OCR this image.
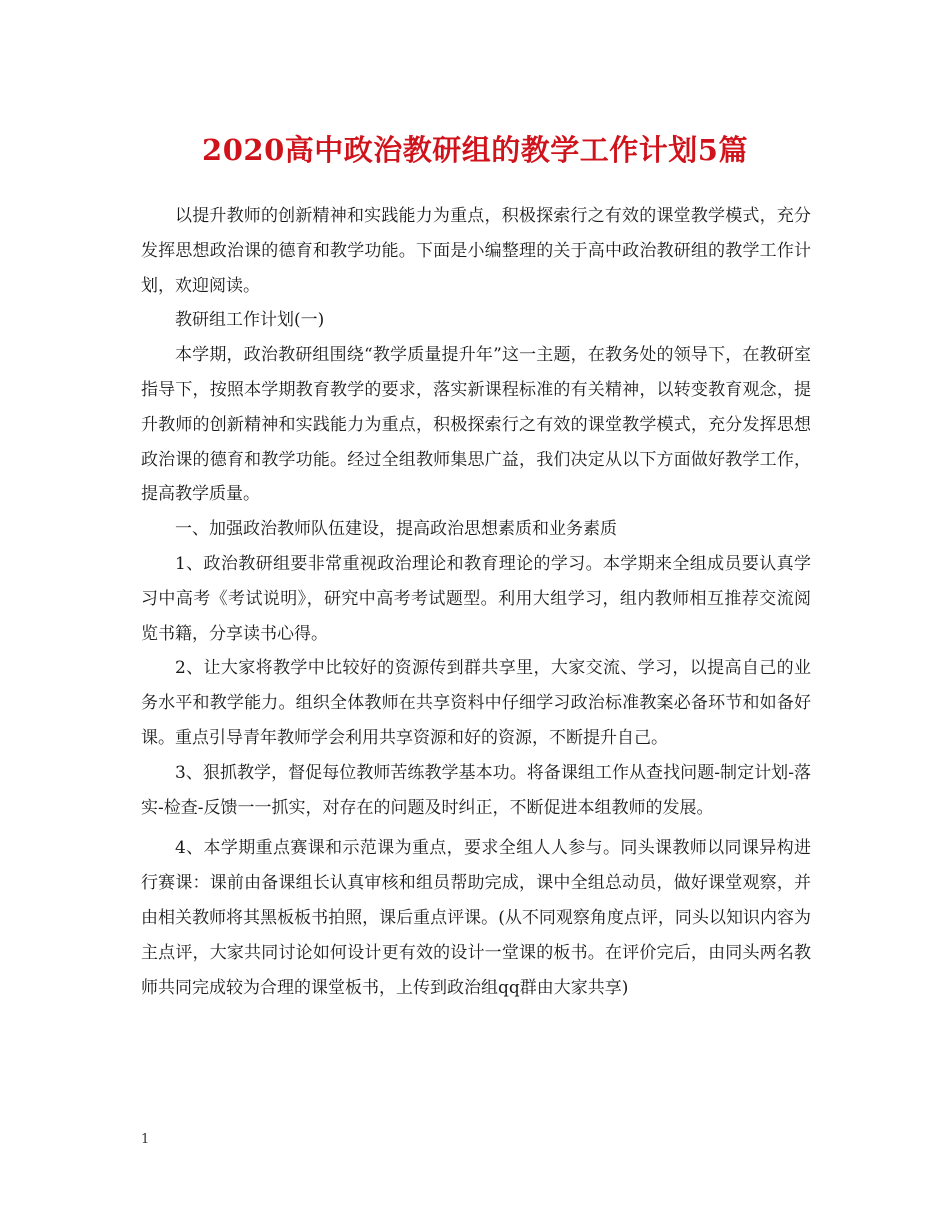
2020高中政治教研组的教学工作计划5篇

以提升教师的创新精神和实践能力为重点，积极探索行之有效的课堂教学模式，充分发挥思想政治课的德育和教学功能。下面是小编整理的关于高中政治教研组的教学工作计划，欢迎阅读。

教研组工作计划(一)

本学期，政治教研组围绕“教学质量提升年”这一主题，在教务处的领导下，在教研室指导下，按照本学期教育教学的要求，落实新课程标准的有关精神，以转变教育观念，提升教师的创新精神和实践能力为重点，积极探索行之有效的课堂教学模式，充分发挥思想政治课的德育和教学功能。经过全组教师集思广益，我们决定从以下方面做好教学工作，提高教学质量。

一、加强政治教师队伍建设，提高政治思想素质和业务素质

1、政治教研组要非常重视政治理论和教育理论的学习。本学期来全组成员要认真学习中高考《考试说明》，研究中高考考试题型。利用大组学习，组内教师相互推荐交流阅览书籍，分享读书心得。

2、让大家将教学中比较好的资源传到群共享里，大家交流、学习，以提高自己的业务水平和教学能力。组织全体教师在共享资料中仔细学习政治标准教案必备环节和如备好课。重点引导青年教师学会利用共享资源和好的资源，不断提升自己。

3、狠抓教学，督促每位教师苦练教学基本功。将备课组工作从查找问题-制定计划-落实-检查-反馈一一抓实，对存在的问题及时纠正，不断促进本组教师的发展。

4、本学期重点赛课和示范课为重点，要求全组人人参与。同头课教师以同课异构进行赛课：课前由备课组长认真审核和组员帮助完成，课中全组总动员，做好课堂观察，并由相关教师将其黑板板书拍照，课后重点评课。(从不同观察角度点评，同头以知识内容为主点评，大家共同讨论如何设计更有效的设计一堂课的板书。在评价完后，由同头两名教师共同完成较为合理的课堂板书，上传到政治组qq群由大家共享)

1
